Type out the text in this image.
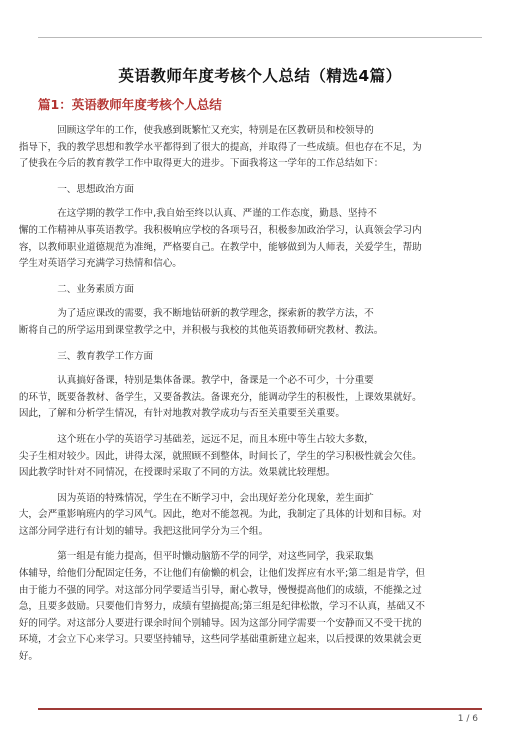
英语教师年度考核个人总结（精选4篇）
篇1：英语教师年度考核个人总结
回顾这学年的工作，使我感到既繁忙又充实，特别是在区教研员和校领导的
指导下，我的教学思想和教学水平都得到了很大的提高，并取得了一些成绩。但也存在不足，为
了使我在今后的教育教学工作中取得更大的进步。下面我将这一学年的工作总结如下：
一、思想政治方面
在这学期的教学工作中,我自始至终以认真、严谨的工作态度，勤恳、坚持不
懈的工作精神从事英语教学。我积极响应学校的各项号召，积极参加政治学习，认真领会学习内
容，以教师职业道德规范为准绳，严格要自己。在教学中，能够做到为人师表，关爱学生，帮助
学生对英语学习充满学习热情和信心。
二、业务素质方面
为了适应课改的需要，我不断地钻研新的教学理念，探索新的教学方法，不
断将自己的所学运用到课堂教学之中，并积极与我校的其他英语教师研究教材、教法。
三、教育教学工作方面
认真搞好备课，特别是集体备课。教学中，备课是一个必不可少，十分重要
的环节，既要备教材、备学生，又要备教法。备课充分，能调动学生的积极性，上课效果就好。
因此，了解和分析学生情况，有针对地教对教学成功与否至关重要至关重要。
这个班在小学的英语学习基础差，远远不足，而且本班中等生占较大多数，
尖子生相对较少。因此，讲得太深，就照顾不到整体，时间长了，学生的学习积极性就会欠佳。
因此教学时针对不同情况，在授课时采取了不同的方法。效果就比较理想。
因为英语的特殊情况，学生在不断学习中，会出现好差分化现象，差生面扩
大，会严重影响班内的学习风气。因此，绝对不能忽视。为此，我制定了具体的计划和目标。对
这部分同学进行有计划的辅导。我把这批同学分为三个组。
第一组是有能力提高，但平时懒动脑筋不学的同学，对这些同学，我采取集
体辅导，给他们分配固定任务，不让他们有偷懒的机会，让他们发挥应有水平;第二组是肯学，但
由于能力不强的同学。对这部分同学要适当引导，耐心教导，慢慢提高他们的成绩，不能操之过
急，且要多鼓励。只要他们肯努力，成绩有望搞提高;第三组是纪律松散，学习不认真，基础又不
好的同学。对这部分人要进行课余时间个别辅导。因为这部分同学需要一个安静而又不受干扰的
环境，才会立下心来学习。只要坚持辅导，这些同学基础重新建立起来，以后授课的效果就会更
好。
1 / 6
